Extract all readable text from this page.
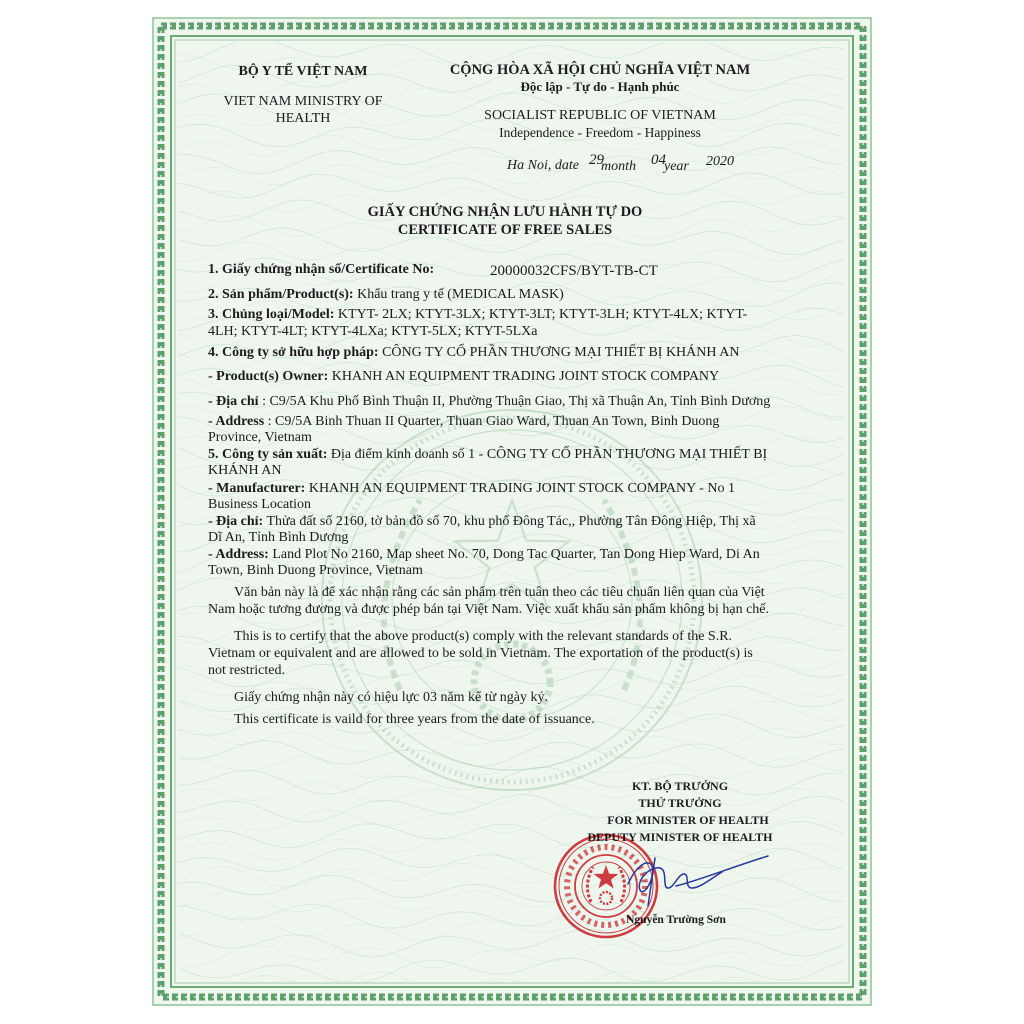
BỘ Y TẾ VIỆT NAM
VIET NAM MINISTRY OF
HEALTH
CỘNG HÒA XÃ HỘI CHỦ NGHĨA VIỆT NAM
Độc lập - Tự do - Hạnh phúc
SOCIALIST REPUBLIC OF VIETNAM
Independence - Freedom - Happiness
Ha Noi, date 29
month 04
year 2020
GIẤY CHỨNG NHẬN LƯU HÀNH TỰ DO
CERTIFICATE OF FREE SALES
1. Giấy chứng nhận số/Certificate No:	20000032CFS/BYT-TB-CT
2. Sản phẩm/Product(s): Khẩu trang y tế (MEDICAL MASK)
3. Chủng loại/Model: KTYT- 2LX; KTYT-3LX; KTYT-3LT; KTYT-3LH; KTYT-4LX; KTYT-
4LH; KTYT-4LT; KTYT-4LXa; KTYT-5LX; KTYT-5LXa
4. Công ty sở hữu hợp pháp: CÔNG TY CỔ PHẦN THƯƠNG MẠI THIẾT BỊ KHÁNH AN
- Product(s) Owner: KHANH AN EQUIPMENT TRADING JOINT STOCK COMPANY
- Địa chỉ : C9/5A Khu Phố Bình Thuận II, Phường Thuận Giao, Thị xã Thuận An, Tỉnh Bình Dương
- Address : C9/5A Binh Thuan II Quarter, Thuan Giao Ward, Thuan An Town, Binh Duong
Province, Vietnam
5. Công ty sản xuất: Địa điểm kinh doanh số 1 - CÔNG TY CỔ PHẦN THƯƠNG MẠI THIẾT BỊ
KHÁNH AN
- Manufacturer: KHANH AN EQUIPMENT TRADING JOINT STOCK COMPANY - No 1
Business Location
- Địa chỉ: Thửa đất số 2160, tờ bản đồ số 70, khu phố Đông Tác,, Phường Tân Đông Hiệp, Thị xã
Dĩ An, Tỉnh Bình Dương
- Address: Land Plot No 2160, Map sheet No. 70, Dong Tac Quarter, Tan Dong Hiep Ward, Di An
Town, Binh Duong Province, Vietnam
Văn bản này là để xác nhận rằng các sản phẩm trên tuân theo các tiêu chuẩn liên quan của Việt
Nam hoặc tương đương và được phép bán tại Việt Nam. Việc xuất khẩu sản phẩm không bị hạn chế.
This is to certify that the above product(s) comply with the relevant standards of the S.R.
Vietnam or equivalent and are allowed to be sold in Vietnam. The exportation of the product(s) is
not restricted.
Giấy chứng nhận này có hiệu lực 03 năm kể từ ngày ký.
This certificate is vaild for three years from the date of issuance.
KT. BỘ TRƯỞNG
THỨ TRƯỞNG
FOR MINISTER OF HEALTH
DEPUTY MINISTER OF HEALTH
Nguyễn Trường Sơn
